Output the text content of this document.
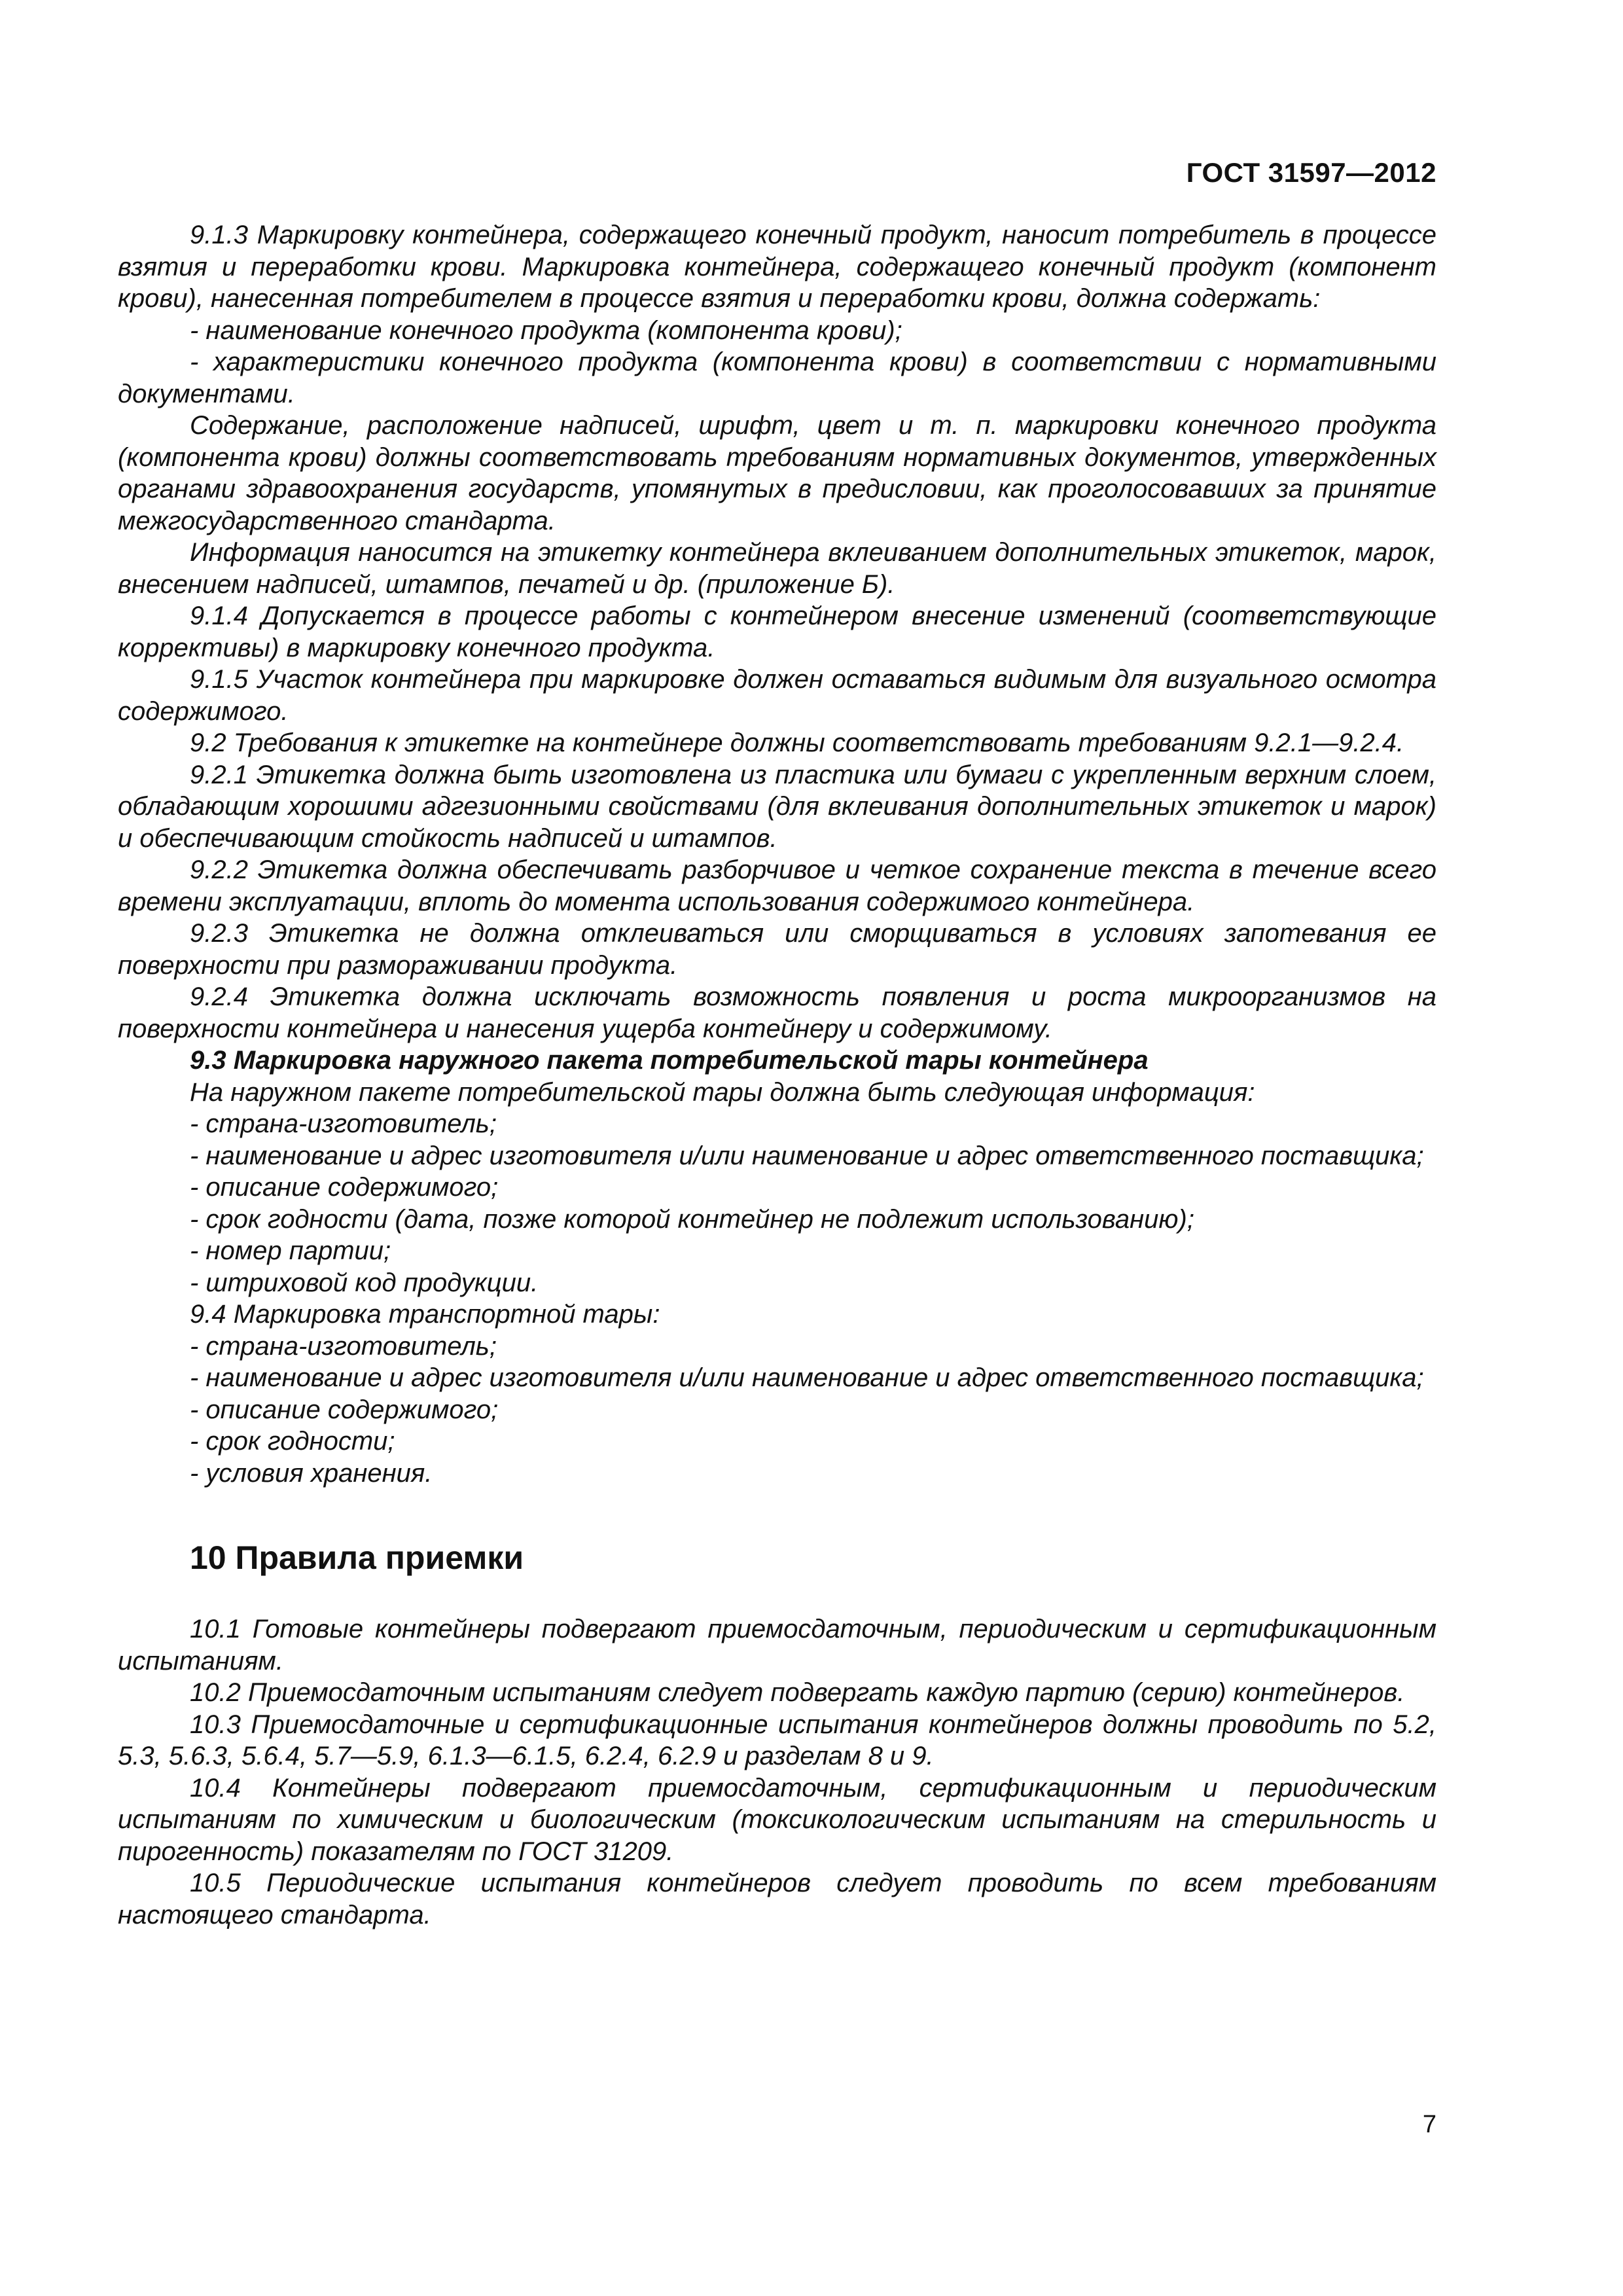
ГОСТ 31597—2012
9.1.3 Маркировку контейнера, содержащего конечный продукт, наносит потребитель в процессе взятия и переработки крови. Маркировка контейнера, содержащего конечный продукт (компонент крови), нанесенная потребителем в процессе взятия и переработки крови, должна содержать:
- наименование конечного продукта (компонента крови);
- характеристики конечного продукта (компонента крови) в соответствии с нормативными документами.
Содержание, расположение надписей, шрифт, цвет и т. п. маркировки конечного продукта (компонента крови) должны соответствовать требованиям нормативных документов, утвержденных органами здравоохранения государств, упомянутых в предисловии, как проголосовавших за принятие межгосударственного стандарта.
Информация наносится на этикетку контейнера вклеиванием дополнительных этикеток, марок, внесением надписей, штампов, печатей и др. (приложение Б).
9.1.4 Допускается в процессе работы с контейнером внесение изменений (соответствующие коррективы) в маркировку конечного продукта.
9.1.5 Участок контейнера при маркировке должен оставаться видимым для визуального осмотра содержимого.
9.2 Требования к этикетке на контейнере должны соответствовать требованиям 9.2.1—9.2.4.
9.2.1 Этикетка должна быть изготовлена из пластика или бумаги с укрепленным верхним слоем, обладающим хорошими адгезионными свойствами (для вклеивания дополнительных этикеток и марок) и обеспечивающим стойкость надписей и штампов.
9.2.2 Этикетка должна обеспечивать разборчивое и четкое сохранение текста в течение всего времени эксплуатации, вплоть до момента использования содержимого контейнера.
9.2.3 Этикетка не должна отклеиваться или сморщиваться в условиях запотевания ее поверхности при размораживании продукта.
9.2.4 Этикетка должна исключать возможность появления и роста микроорганизмов на поверхности контейнера и нанесения ущерба контейнеру и содержимому.
9.3 Маркировка наружного пакета потребительской тары контейнера
На наружном пакете потребительской тары должна быть следующая информация:
- страна-изготовитель;
- наименование и адрес изготовителя и/или наименование и адрес ответственного поставщика;
- описание содержимого;
- срок годности (дата, позже которой контейнер не подлежит использованию);
- номер партии;
- штриховой код продукции.
9.4 Маркировка транспортной тары:
- страна-изготовитель;
- наименование и адрес изготовителя и/или наименование и адрес ответственного поставщика;
- описание содержимого;
- срок годности;
- условия хранения.
10 Правила приемки
10.1 Готовые контейнеры подвергают приемосдаточным, периодическим и сертификационным испытаниям.
10.2 Приемосдаточным испытаниям следует подвергать каждую партию (серию) контейнеров.
10.3 Приемосдаточные и сертификационные испытания контейнеров должны проводить по 5.2, 5.3, 5.6.3, 5.6.4, 5.7—5.9, 6.1.3—6.1.5, 6.2.4, 6.2.9 и разделам 8 и 9.
10.4 Контейнеры подвергают приемосдаточным, сертификационным и периодическим испытаниям по химическим и биологическим (токсикологическим испытаниям на стерильность и пирогенность) показателям по ГОСТ 31209.
10.5 Периодические испытания контейнеров следует проводить по всем требованиям настоящего стандарта.
7
